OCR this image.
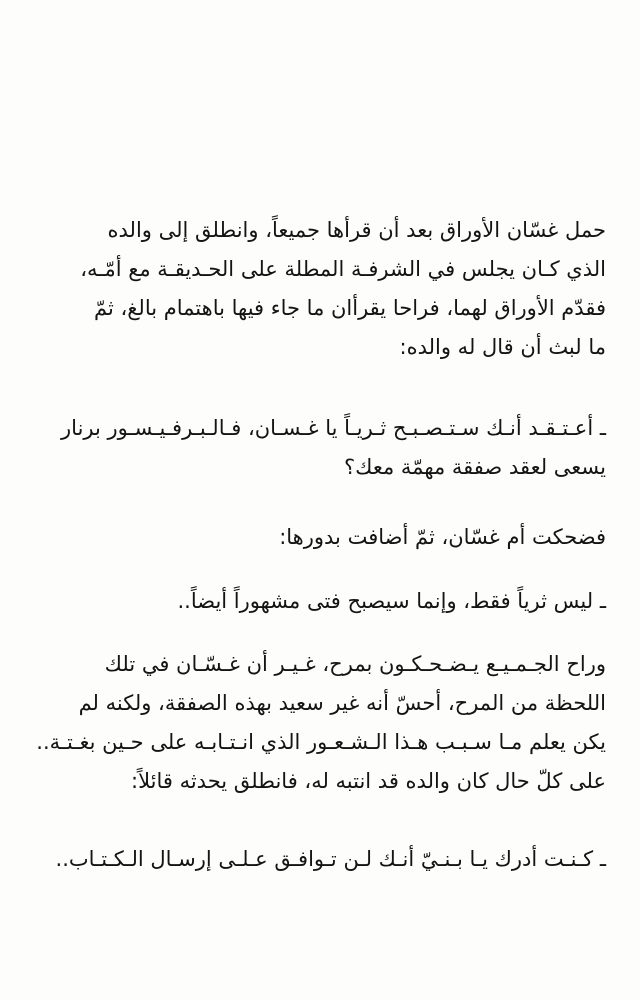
حمل غسّان الأوراق بعد أن قرأها جميعاً، وانطلق إلى والده
الذي كـان يجلس في الشرفـة المطلة على الحـديقـة مع أمّـه،
فقدّم الأوراق لهما، فراحا يقرأان ما جاء فيها باهتمام بالغ، ثمّ
ما لبث أن قال له والده:

ـ أعـتـقـد أنـك سـتـصـبـح ثـريـاً يا غـسـان، فـالـبـرفـيـسـور برنار
يسعى لعقد صفقة مهمّة معك؟

فضحكت أم غسّان، ثمّ أضافت بدورها:

ـ ليس ثرياً فقط، وإنما سيصبح فتى مشهوراً أيضاً..

وراح الجـمـيـع يـضـحـكـون بمرح، غـيـر أن غـسّـان في تلك
اللحظة من المرح، أحسّ أنه غير سعيد بهذه الصفقة، ولكنه لم
يكن يعلم مـا سـبـب هـذا الـشـعـور الذي انـتـابـه على حـين بغـتـة..
على كلّ حال كان والده قد انتبه له، فانطلق يحدثه قائلاً:

ـ كـنـت أدرك يـا بـنـيّ أنـك لـن تـوافـق عـلـى إرسـال الـكـتـاب..
